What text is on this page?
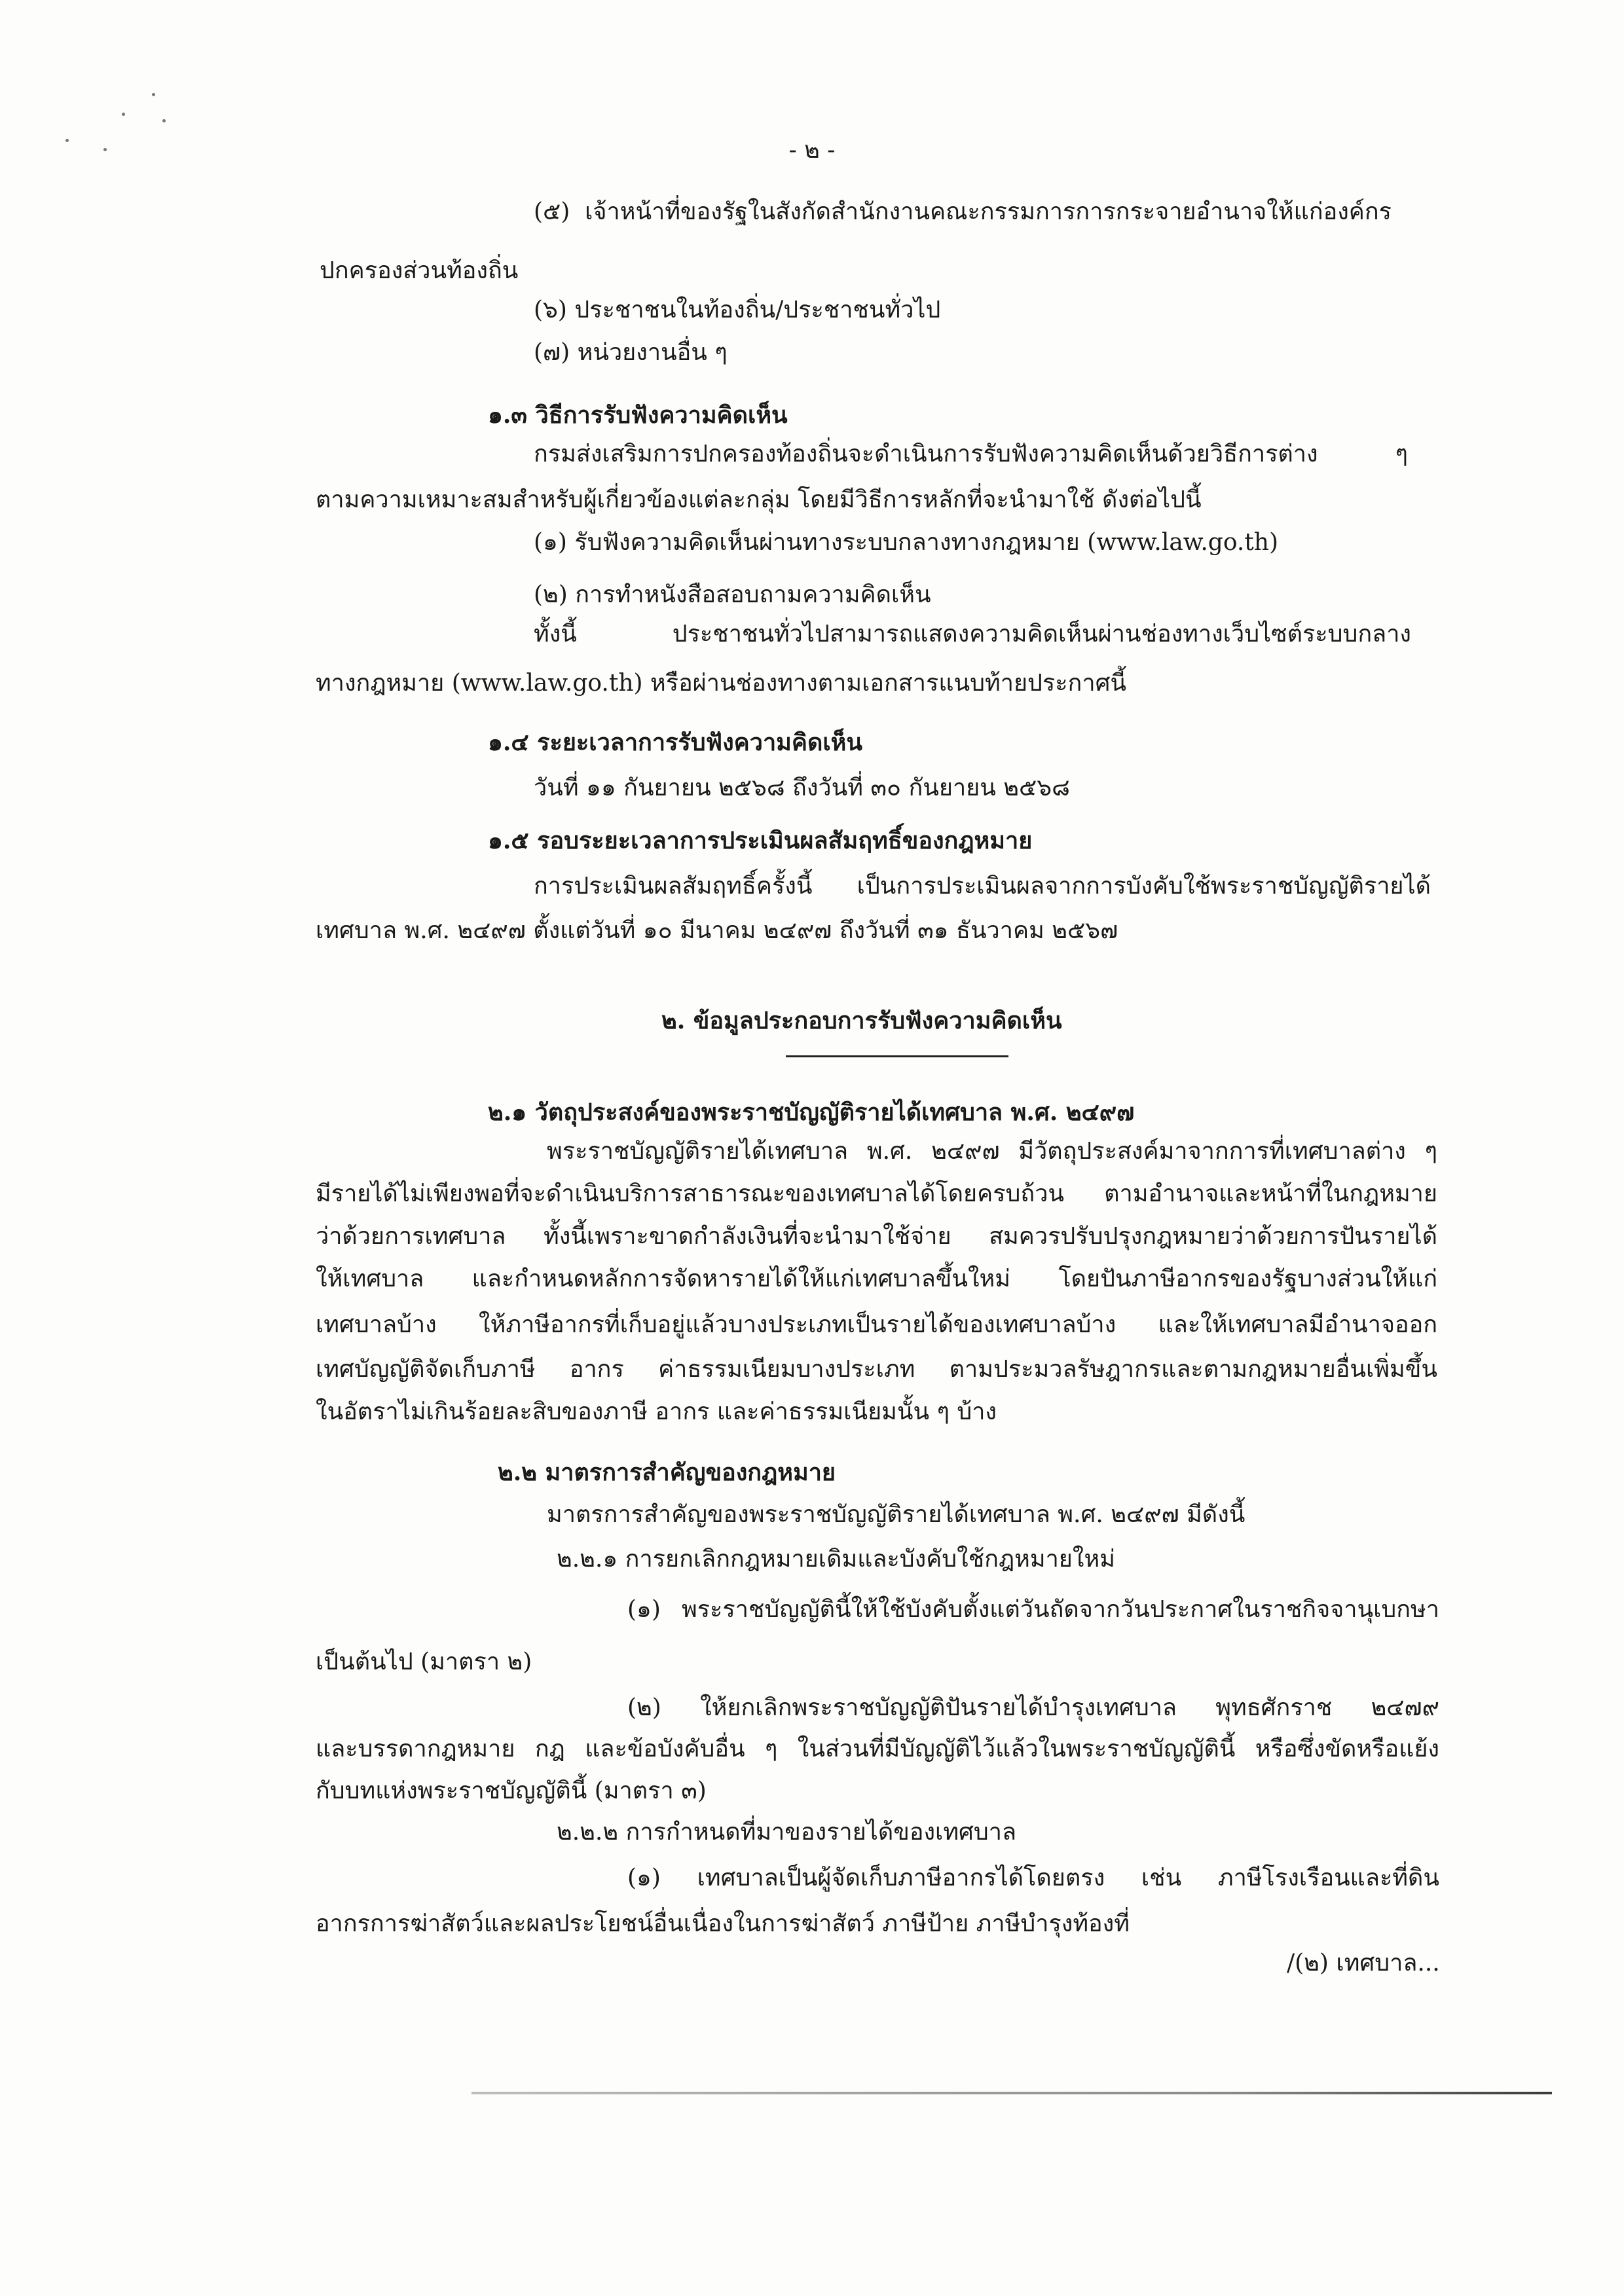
- ๒ -
(๕) เจ้าหน้าที่ของรัฐในสังกัดสำนักงานคณะกรรมการการกระจายอำนาจให้แก่องค์กร
ปกครองส่วนท้องถิ่น
(๖) ประชาชนในท้องถิ่น/ประชาชนทั่วไป
(๗) หน่วยงานอื่น ๆ
๑.๓ วิธีการรับฟังความคิดเห็น
กรมส่งเสริมการปกครองท้องถิ่นจะดำเนินการรับฟังความคิดเห็นด้วยวิธีการต่าง ๆ
ตามความเหมาะสมสำหรับผู้เกี่ยวข้องแต่ละกลุ่ม โดยมีวิธีการหลักที่จะนำมาใช้ ดังต่อไปนี้
(๑) รับฟังความคิดเห็นผ่านทางระบบกลางทางกฎหมาย (www.law.go.th)
(๒) การทำหนังสือสอบถามความคิดเห็น
ทั้งนี้ ประชาชนทั่วไปสามารถแสดงความคิดเห็นผ่านช่องทางเว็บไซต์ระบบกลาง
ทางกฎหมาย (www.law.go.th) หรือผ่านช่องทางตามเอกสารแนบท้ายประกาศนี้
๑.๔ ระยะเวลาการรับฟังความคิดเห็น
วันที่ ๑๑ กันยายน ๒๕๖๘ ถึงวันที่ ๓๐ กันยายน ๒๕๖๘
๑.๕ รอบระยะเวลาการประเมินผลสัมฤทธิ์ของกฎหมาย
การประเมินผลสัมฤทธิ์ครั้งนี้ เป็นการประเมินผลจากการบังคับใช้พระราชบัญญัติรายได้
เทศบาล พ.ศ. ๒๔๙๗ ตั้งแต่วันที่ ๑๐ มีนาคม ๒๔๙๗ ถึงวันที่ ๓๑ ธันวาคม ๒๕๖๗
๒. ข้อมูลประกอบการรับฟังความคิดเห็น
๒.๑ วัตถุประสงค์ของพระราชบัญญัติรายได้เทศบาล พ.ศ. ๒๔๙๗
พระราชบัญญัติรายได้เทศบาล พ.ศ. ๒๔๙๗ มีวัตถุประสงค์มาจากการที่เทศบาลต่าง ๆ
มีรายได้ไม่เพียงพอที่จะดำเนินบริการสาธารณะของเทศบาลได้โดยครบถ้วน ตามอำนาจและหน้าที่ในกฎหมาย
ว่าด้วยการเทศบาล ทั้งนี้เพราะขาดกำลังเงินที่จะนำมาใช้จ่าย สมควรปรับปรุงกฎหมายว่าด้วยการปันรายได้
ให้เทศบาล และกำหนดหลักการจัดหารายได้ให้แก่เทศบาลขึ้นใหม่ โดยปันภาษีอากรของรัฐบางส่วนให้แก่
เทศบาลบ้าง ให้ภาษีอากรที่เก็บอยู่แล้วบางประเภทเป็นรายได้ของเทศบาลบ้าง และให้เทศบาลมีอำนาจออก
เทศบัญญัติจัดเก็บภาษี อากร ค่าธรรมเนียมบางประเภท ตามประมวลรัษฎากรและตามกฎหมายอื่นเพิ่มขึ้น
ในอัตราไม่เกินร้อยละสิบของภาษี อากร และค่าธรรมเนียมนั้น ๆ บ้าง
๒.๒ มาตรการสำคัญของกฎหมาย
มาตรการสำคัญของพระราชบัญญัติรายได้เทศบาล พ.ศ. ๒๔๙๗ มีดังนี้
๒.๒.๑ การยกเลิกกฎหมายเดิมและบังคับใช้กฎหมายใหม่
(๑) พระราชบัญญัตินี้ให้ใช้บังคับตั้งแต่วันถัดจากวันประกาศในราชกิจจานุเบกษา
เป็นต้นไป (มาตรา ๒)
(๒) ให้ยกเลิกพระราชบัญญัติปันรายได้บำรุงเทศบาล พุทธศักราช ๒๔๗๙
และบรรดากฎหมาย กฎ และข้อบังคับอื่น ๆ ในส่วนที่มีบัญญัติไว้แล้วในพระราชบัญญัตินี้ หรือซึ่งขัดหรือแย้ง
กับบทแห่งพระราชบัญญัตินี้ (มาตรา ๓)
๒.๒.๒ การกำหนดที่มาของรายได้ของเทศบาล
(๑) เทศบาลเป็นผู้จัดเก็บภาษีอากรได้โดยตรง เช่น ภาษีโรงเรือนและที่ดิน
อากรการฆ่าสัตว์และผลประโยชน์อื่นเนื่องในการฆ่าสัตว์ ภาษีป้าย ภาษีบำรุงท้องที่
/(๒) เทศบาล...
